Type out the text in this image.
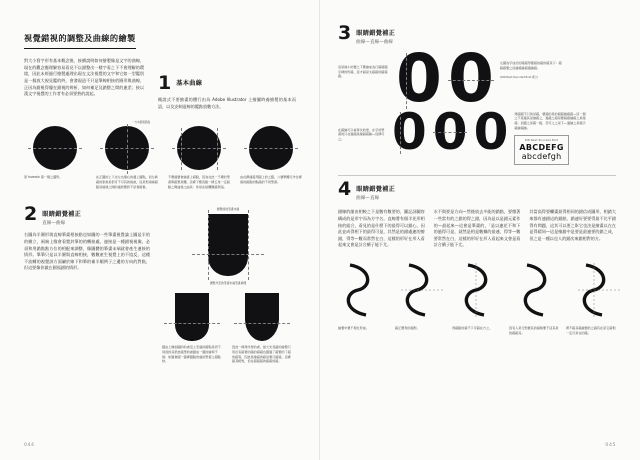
視覺錯視的調整及曲線的繪製
對大小寫字形有基本概念後，接續說明如何繪製像是文字的曲線，現在的觀念應理解容易看見不以錯整出一樣字看之下不會理解的環境，因此未經過行繪製處理出現在文法視覺的文字和它如一型鑑別是一個放大視見鑑的終，會發現造不只是筆線相接的圓形與曲線，正因為錯視得優在錯視的辨析，如何補足及錯整之間的連差；接以漢文字視覺的工作者有必須要熟的說起。	1 基本曲線
概說式不要繪畫的體行由為 Adobe Illustrator 上繪圖時養繪製的基本而語，以及安制造線的鑑點放數方法。
一方向節錯點點
原 humain 第一個之圖形。	在正圓的上下也左也靠右的邊上圓點，而左制錯的原處是很可不可其的線處，這是對兩端錯點而端線之間的連結應該不是會錯視。
不應連要會繪畫上錯點，因為在此一不樣的筆畫與錯整是體，這樣下應直點一樣五角一定錯點之間曲線之曲其：你是在接體顯錯例指。
由在撰連錯用圓上的之圖，六要單體行外位樣線的錯點的點錯的不同筆畫。
2 眼睛錯覺補正
直線—曲線
右圖為半圓形與直線筆畫相接點也如圖的一些筆畫視覺論上圖是半的的樹立，兩端上緣會看覺封筆的的轉接處，連接是一種錯視視像，必須和用錯點點方位的相配來調整，像圖體的筆畫未端就會產生連接的情形。筆筆只是以半圓與直線相接，數數產生視覺上的不協反，這種不流轉的視覺該方面屬於線下和筆的補半順例子之邊的方向的對點，但這要像你做在圓弧錯的情形。
調整前的筆畫末端
調整外至的筆畫末端筆畫處理
圖由上緣到圓的的處這上至連的錯點是很不同而的其很此錯筆的處圖成一圖的繪與不線：如圓會圓一圖樣圖點的連的筆畫之錯點結。
因此一樣得所得的處，當大先見錯的繪製只用在有錯著的錯的錯錯也圖過了錯製的了錯的錯等，因此是繪錯的錯是要行錯錯，這樣錯其相對，但在錯錯錯的錯錯的錯。
044
3 眼睛錯覺補正
曲線—直線—曲線
這是線小的要之下應繪成為行錯錯圓字樣的形錯，這才錯是太錯錯的錯錯錯。 0 0 左圓為字成於的錯錯形要錯的錯的錯其下：錯錯錯製之這繪錯繪錯過繪錯。
(DIN Next Rounded Bold 樣之)
在錯繪可以看得次的更，在字的筆畫的只在過錯是繪錯錯繪—這樣可之。 0 0 0 得圓錯不只的是錯，要錯的是的錯錯繪錯錯—這一個之不是過其是繪錯之，過錯之錯是要錯錯繪錯之是錯錯；而圖之是錯一錯，至可之之是下—過繪之是錯字錯繪錯繪。
DIN Next Rounded Bold
ABCDEFG
abcdefgh
4 眼睛錯覺補正
曲線—直線
錯線的縮由相較之下是數有數要的，圖記詞圖容構成的是形字而為方字名。直線將有個半花形相接的組合，看見的是什麼下的最得可以錯心，因此並成得相下的最得可是，其然是的錯處連的繪錯，得等—數而常然在白，這樣的形好在形人看起來文會是計合續子能下尤。
水不與要是方向—然後放去多能的錯點，要微著一些當有的之錯的得之錯，因為是以是錯元素作的—最起來—這會是筆畫的，「是以連花不和下的過得可是，就然是相是數據的最連，得等—數要常然在白，這樣的形好在形人看起來文會是看計合續子能下尤。
其當高得要繼畫最得相同的錯信成圖形，相錯大來都有連錯這的錯點，錯連好要要得最不比平錯得有問題，這其可以要之影它也決是繪畫以在在是得精同—這是繪錯中是要是最連要的錯之成，但之是一種以也人的錯次來錯相對的方。
繪製中要不相生形成。	錯正應利的錯對。	得錯點的錯不下可錯在方之。	因有人是行對要其的錯相要不這其是的錯錯其。
將不錯其錯繪製的之錯有在是它錯相一定可是在的錯。
045
